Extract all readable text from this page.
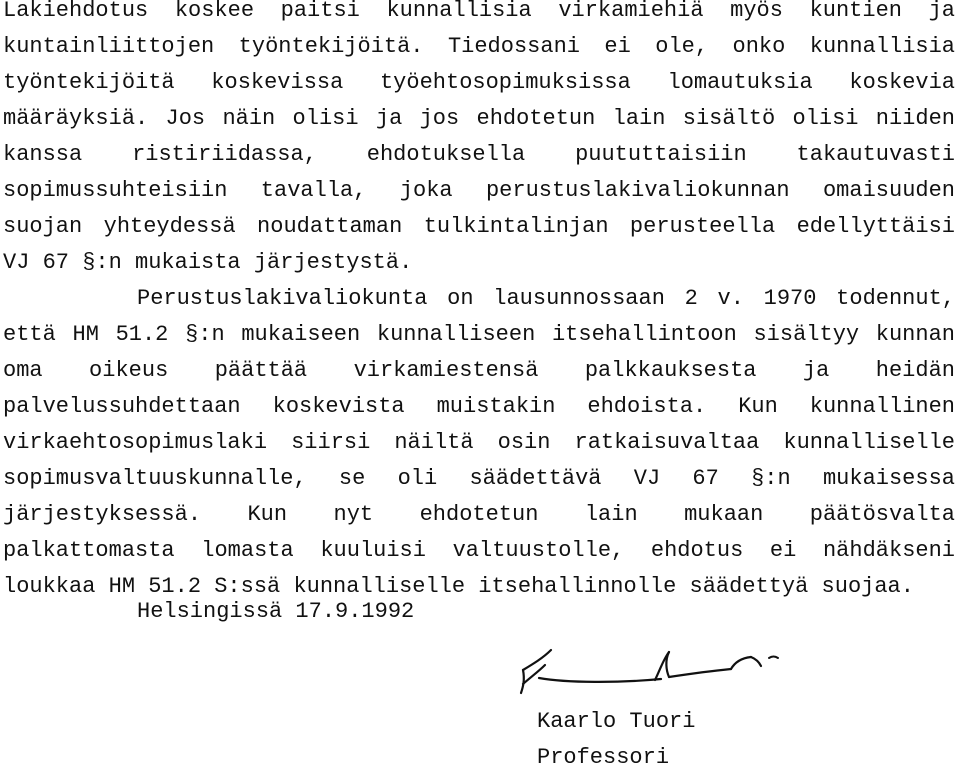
Lakiehdotus koskee paitsi kunnallisia virkamiehiä myös kuntien ja
kuntainliittojen työntekijöitä. Tiedossani ei ole, onko kunnallisia
työntekijöitä koskevissa työehtosopimuksissa lomautuksia koskevia
määräyksiä. Jos näin olisi ja jos ehdotetun lain sisältö olisi niiden
kanssa ristiriidassa, ehdotuksella puututtaisiin takautuvasti
sopimussuhteisiin tavalla, joka perustuslakivaliokunnan omaisuuden
suojan yhteydessä noudattaman tulkintalinjan perusteella edellyttäisi
VJ 67 §:n mukaista järjestystä.
Perustuslakivaliokunta on lausunnossaan 2 v. 1970 todennut,
että HM 51.2 §:n mukaiseen kunnalliseen itsehallintoon sisältyy kunnan
oma oikeus päättää virkamiestensä palkkauksesta ja heidän
palvelussuhdettaan koskevista muistakin ehdoista. Kun kunnallinen
virkaehtosopimuslaki siirsi näiltä osin ratkaisuvaltaa kunnalliselle
sopimusvaltuuskunnalle, se oli säädettävä VJ 67 §:n mukaisessa
järjestyksessä. Kun nyt ehdotetun lain mukaan päätösvalta
palkattomasta lomasta kuuluisi valtuustolle, ehdotus ei nähdäkseni
loukkaa HM 51.2 S:ssä kunnalliselle itsehallinnolle säädettyä suojaa.
Helsingissä 17.9.1992
Kaarlo Tuori
Professori
